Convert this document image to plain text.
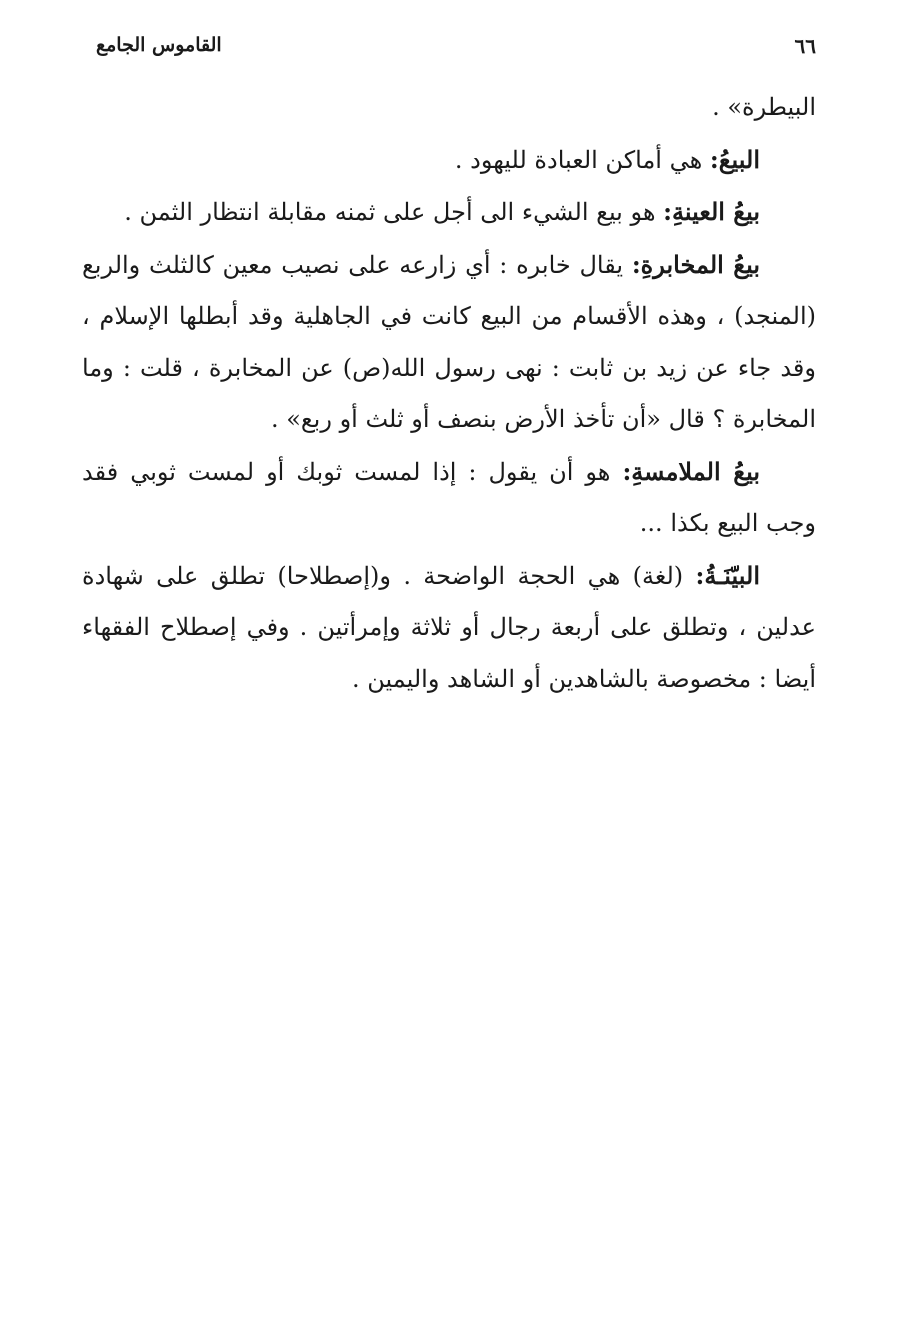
٦٦
القاموس الجامع

البيطرة» .

البيعُ: هي أماكن العبادة لليهود .

بيعُ العينةِ: هو بيع الشيء الى أجل على ثمنه مقابلة انتظار الثمن .

بيعُ المخابرةِ: يقال خابره : أي زارعه على نصيب معين كالثلث والربع (المنجد) ، وهذه الأقسام من البيع كانت في الجاهلية وقد أبطلها الإسلام ، وقد جاء عن زيد بن ثابت : نهى رسول الله(ص) عن المخابرة ، قلت : وما المخابرة ؟ قال «أن تأخذ الأرض بنصف أو ثلث أو ربع» .

بيعُ الملامسةِ: هو أن يقول : إذا لمست ثوبك أو لمست ثوبي فقد وجب البيع بكذا ...

البيّنَـةُ: (لغة) هي الحجة الواضحة . و(إصطلاحا) تطلق على شهادة عدلين ، وتطلق على أربعة رجال أو ثلاثة وإمرأتين . وفي إصطلاح الفقهاء أيضا : مخصوصة بالشاهدين أو الشاهد واليمين .
